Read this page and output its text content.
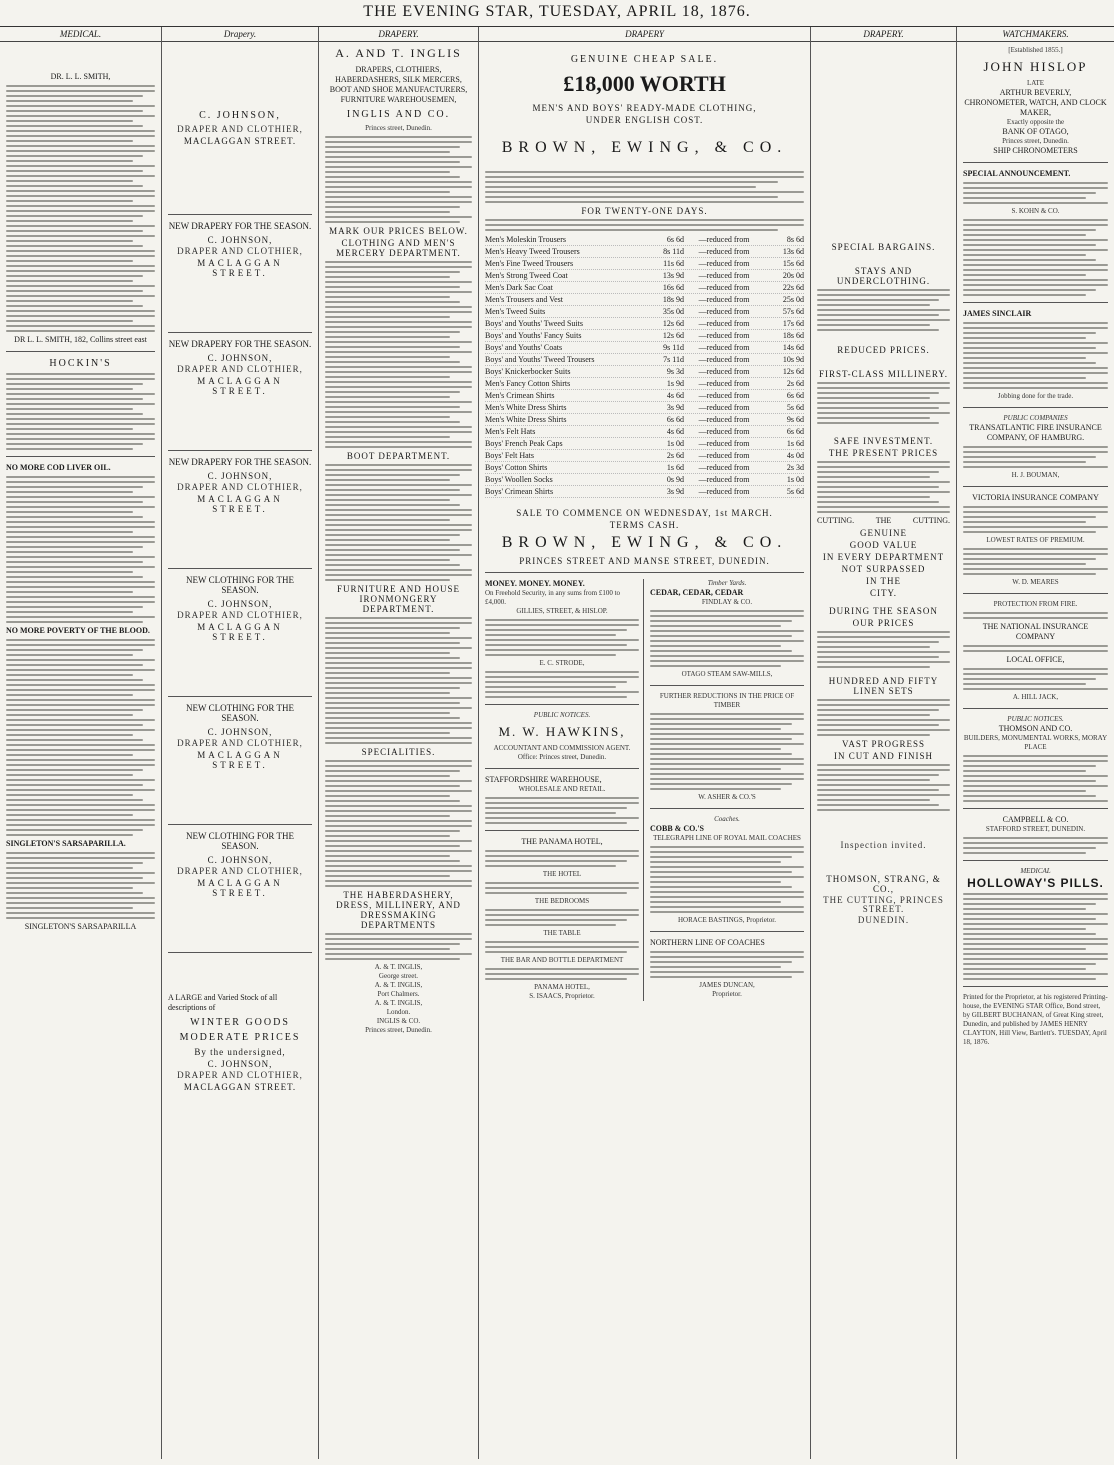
THE EVENING STAR, TUESDAY, APRIL 18, 1876.
MEDICAL.
DR. L. L. SMITH,
DR L. L. SMITH, 182, Collins street east
HOCKIN'S
NO MORE COD LIVER OIL.
NO MORE POVERTY OF THE BLOOD.
SINGLETON'S SARSAPARILLA.
SINGLETON'S SARSAPARILLA
Drapery.
C. JOHNSON,
DRAPER AND CLOTHIER,
MACLAGGAN STREET.
NEW DRAPERY FOR THE SEASON.
C. JOHNSON,
DRAPER AND CLOTHIER,
MACLAGGAN STREET.
NEW DRAPERY FOR THE SEASON.
C. JOHNSON,
DRAPER AND CLOTHIER,
MACLAGGAN STREET.
NEW DRAPERY FOR THE SEASON.
C. JOHNSON,
DRAPER AND CLOTHIER,
MACLAGGAN STREET.
NEW CLOTHING FOR THE SEASON.
C. JOHNSON,
DRAPER AND CLOTHIER,
MACLAGGAN STREET.
NEW CLOTHING FOR THE SEASON.
C. JOHNSON,
DRAPER AND CLOTHIER,
MACLAGGAN STREET.
NEW CLOTHING FOR THE SEASON.
C. JOHNSON,
DRAPER AND CLOTHIER,
MACLAGGAN STREET.
A LARGE and Varied Stock of all descriptions of
WINTER GOODS
MODERATE PRICES
By the undersigned,
C. JOHNSON,
DRAPER AND CLOTHIER,
MACLAGGAN STREET.
DRAPERY.
A. AND T. INGLIS
DRAPERS, CLOTHIERS, HABERDASHERS, SILK MERCERS, BOOT AND SHOE MANUFACTURERS,
FURNITURE WAREHOUSEMEN,
INGLIS AND CO.
Princes street, Dunedin.
MARK OUR PRICES BELOW.
CLOTHING AND MEN'S MERCERY DEPARTMENT.
BOOT DEPARTMENT.
FURNITURE AND HOUSE IRONMONGERY DEPARTMENT.
SPECIALITIES.
THE HABERDASHERY, DRESS, MILLINERY, AND DRESSMAKING DEPARTMENTS
A. & T. INGLIS,
George street.
A. & T. INGLIS,
Port Chalmers.
A. & T. INGLIS,
London.
INGLIS & CO.
Princes street, Dunedin.
DRAPERY
GENUINE CHEAP SALE.
£18,000 WORTH
MEN'S AND BOYS' READY-MADE CLOTHING,
UNDER ENGLISH COST.
BROWN, EWING, & CO.
FOR TWENTY-ONE DAYS.
Men's Moleskin Trousers	6s 6d	—reduced from	8s 6d
Men's Heavy Tweed Trousers	8s 11d	—reduced from	13s 6d
Men's Fine Tweed Trousers	11s 6d	—reduced from	15s 6d
Men's Strong Tweed Coat	13s 9d	—reduced from	20s 0d
Men's Dark Sac Coat	16s 6d	—reduced from	22s 6d
Men's Trousers and Vest	18s 9d	—reduced from	25s 0d
Men's Tweed Suits	35s 0d	—reduced from	57s 6d
Boys' and Youths' Tweed Suits	12s 6d	—reduced from	17s 6d
Boys' and Youths' Fancy Suits	12s 6d	—reduced from	18s 6d
Boys' and Youths' Coats	9s 11d	—reduced from	14s 6d
Boys' and Youths' Tweed Trousers	7s 11d	—reduced from	10s 9d
Boys' Knickerbocker Suits	9s 3d	—reduced from	12s 6d
Men's Fancy Cotton Shirts	1s 9d	—reduced from	2s 6d
Men's Crimean Shirts	4s 6d	—reduced from	6s 6d
Men's White Dress Shirts	3s 9d	—reduced from	5s 6d
Men's White Dress Shirts	6s 6d	—reduced from	9s 6d
Men's Felt Hats	4s 6d	—reduced from	6s 6d
Boys' French Peak Caps	1s 0d	—reduced from	1s 6d
Boys' Felt Hats	2s 6d	—reduced from	4s 0d
Boys' Cotton Shirts	1s 6d	—reduced from	2s 3d
Boys' Woollen Socks	0s 9d	—reduced from	1s 0d
Boys' Crimean Shirts	3s 9d	—reduced from	5s 6d
SALE TO COMMENCE ON WEDNESDAY, 1st MARCH.
TERMS CASH.
BROWN, EWING, & CO.
PRINCES STREET AND MANSE STREET, DUNEDIN.
MONEY. MONEY. MONEY.
On Freehold Security, in any sums from £100 to £4,000.
GILLIES, STREET, & HISLOP.
E. C. STRODE,
PUBLIC NOTICES.
M. W. HAWKINS,
ACCOUNTANT AND COMMISSION AGENT.
Office: Princes street, Dunedin.
STAFFORDSHIRE WAREHOUSE,
WHOLESALE AND RETAIL.
THE PANAMA HOTEL,
THE HOTEL
THE BEDROOMS
THE TABLE
THE BAR AND BOTTLE DEPARTMENT
PANAMA HOTEL,
S. ISAACS, Proprietor.
Timber Yards.
CEDAR, CEDAR, CEDAR
FINDLAY & CO.
OTAGO STEAM SAW-MILLS,
FURTHER REDUCTIONS IN THE PRICE OF TIMBER
W. ASHER & CO.'S
Coaches.
COBB & CO.'S
TELEGRAPH LINE OF ROYAL MAIL COACHES
HORACE BASTINGS, Proprietor.
NORTHERN LINE OF COACHES
JAMES DUNCAN,
Proprietor.
DRAPERY.
SPECIAL BARGAINS.
STAYS AND UNDERCLOTHING.
REDUCED PRICES.
FIRST-CLASS MILLINERY.
SAFE INVESTMENT.
THE PRESENT PRICES
CUTTING.	THE	CUTTING.
GENUINE
GOOD VALUE
IN EVERY DEPARTMENT
NOT SURPASSED
IN THE
CITY.
DURING THE SEASON
OUR PRICES
HUNDRED AND FIFTY LINEN SETS
VAST PROGRESS
IN CUT AND FINISH
Inspection invited.
THOMSON, STRANG, & CO.,
THE CUTTING, PRINCES STREET.
DUNEDIN.
WATCHMAKERS.
[Established 1855.]
JOHN HISLOP
LATE
ARTHUR BEVERLY,
CHRONOMETER, WATCH, AND CLOCK MAKER,
Exactly opposite the
BANK OF OTAGO,
Princes street, Dunedin.
SHIP CHRONOMETERS
SPECIAL ANNOUNCEMENT.
S. KOHN & CO.
JAMES SINCLAIR
Jobbing done for the trade.
PUBLIC COMPANIES
TRANSATLANTIC FIRE INSURANCE COMPANY, OF HAMBURG.
H. J. BOUMAN,
VICTORIA INSURANCE COMPANY
LOWEST RATES OF PREMIUM.
W. D. MEARES
PROTECTION FROM FIRE.
THE NATIONAL INSURANCE COMPANY
LOCAL OFFICE,
A. HILL JACK,
PUBLIC NOTICES.
THOMSON AND CO.
BUILDERS, MONUMENTAL WORKS, MORAY PLACE
CAMPBELL & CO.
STAFFORD STREET, DUNEDIN.
MEDICAL
HOLLOWAY'S PILLS.
Printed for the Proprietor, at his registered Printing-house, the EVENING STAR Office, Bond street, by GILBERT BUCHANAN, of Great King street, Dunedin, and published by JAMES HENRY CLAYTON, Hill View, Bartlett's. TUESDAY, April 18, 1876.
